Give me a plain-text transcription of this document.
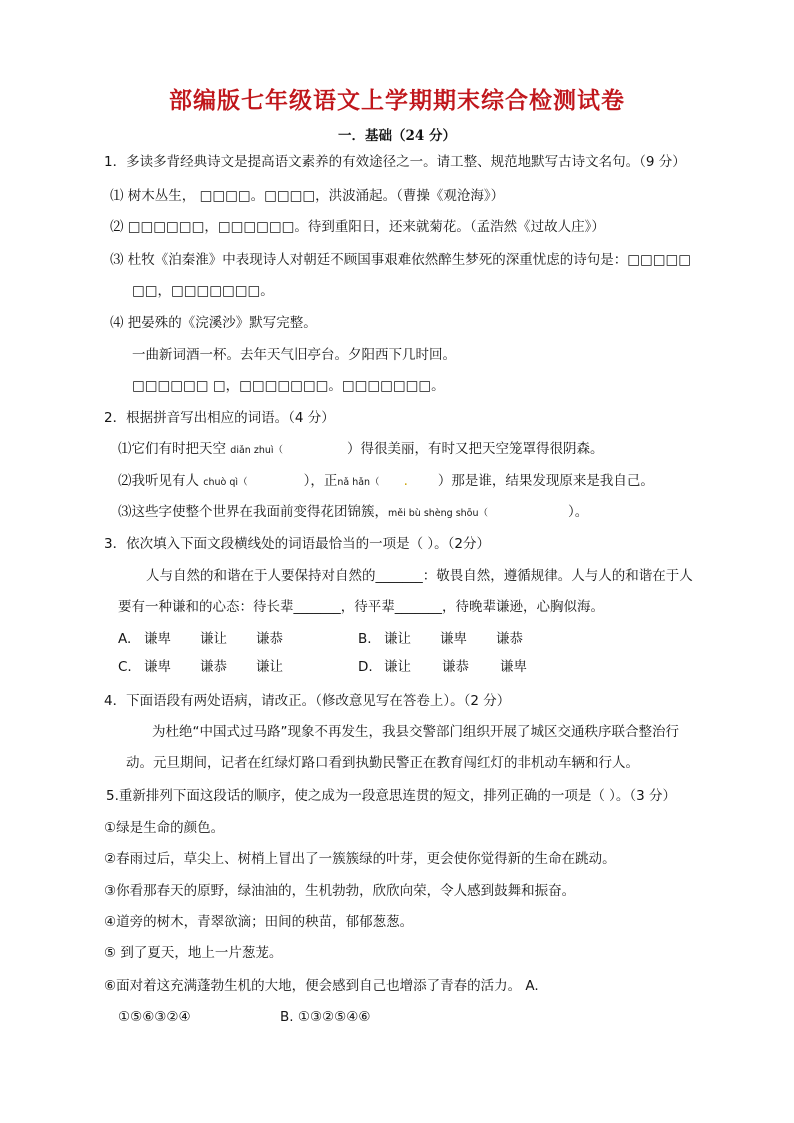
部编版七年级语文上学期期末综合检测试卷
一．基础（24 分）
1．多读多背经典诗文是提高语文素养的有效途径之一。请工整、规范地默写古诗文名句。（9 分）
⑴ 树木丛生， □□□□。□□□□，洪波涌起。（曹操《观沧海》）
⑵ □□□□□□，□□□□□□。待到重阳日，还来就菊花。（孟浩然《过故人庄》）
⑶ 杜牧《泊秦淮》中表现诗人对朝廷不顾国事艰难依然醉生梦死的深重忧虑的诗句是：□□□□□
□□，□□□□□□□。
⑷ 把晏殊的《浣溪沙》默写完整。
一曲新词酒一杯。去年天气旧亭台。夕阳西下几时回。
□□□□□□ □，□□□□□□□。□□□□□□□。
2．根据拼音写出相应的词语。（4 分）
⑴它们有时把天空 diǎn zhuì（	）得很美丽，有时又把天空笼罩得很阴森。
⑵我听见有人 chuò qì（	），正nǎ hǎn（ . ）那是谁，结果发现原来是我自己。
⑶这些字使整个世界在我面前变得花团锦簇，měi bù shèng shōu（	）。
3．依次填入下面文段横线处的词语最恰当的一项是（ ）。（2分）
人与自然的和谐在于人要保持对自然的_______：敬畏自然，遵循规律。人与人的和谐在于人
要有一种谦和的心态：待长辈_______，待平辈_______，待晚辈谦逊，心胸似海。
A. 谦卑 谦让 谦恭	B. 谦让 谦卑 谦恭
C. 谦卑 谦恭 谦让	D. 谦让 谦恭 谦卑
4．下面语段有两处语病，请改正。（修改意见写在答卷上）。（2 分）
为杜绝“中国式过马路”现象不再发生，我县交警部门组织开展了城区交通秩序联合整治行
动。元旦期间，记者在红绿灯路口看到执勤民警正在教育闯红灯的非机动车辆和行人。
5.重新排列下面这段话的顺序，使之成为一段意思连贯的短文，排列正确的一项是（ ）。（3 分）
①绿是生命的颜色。
②春雨过后，草尖上、树梢上冒出了一簇簇绿的叶芽，更会使你觉得新的生命在跳动。
③你看那春天的原野，绿油油的，生机勃勃，欣欣向荣，令人感到鼓舞和振奋。
④道旁的树木，青翠欲滴；田间的秧苗，郁郁葱葱。
⑤ 到了夏天，地上一片葱茏。
⑥面对着这充满蓬勃生机的大地，便会感到自己也增添了青春的活力。 A.
①⑤⑥③②④	B. ①③②⑤④⑥
